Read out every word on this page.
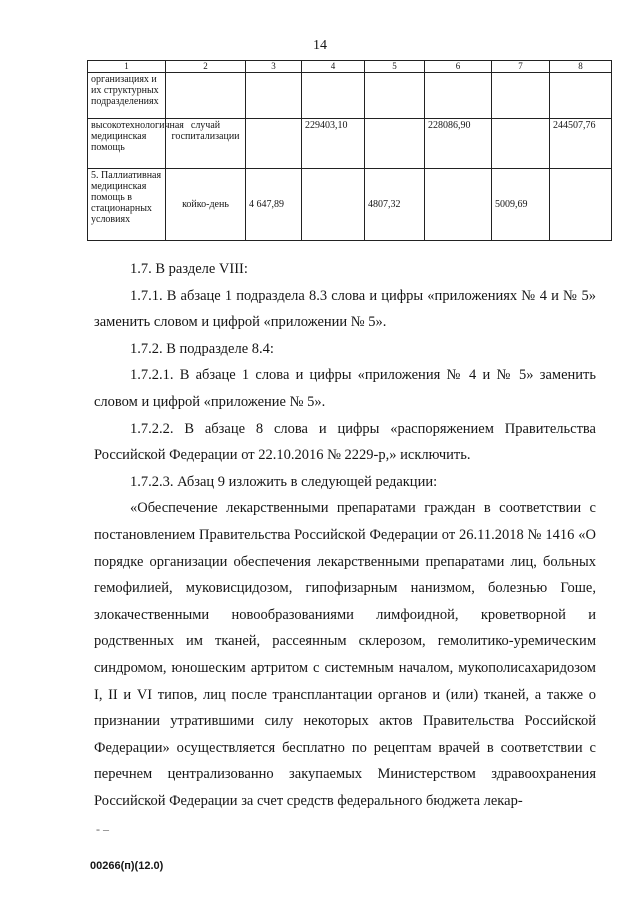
14
1	2	3	4	5	6	7	8
организациях и их структурных подразделениях							
высокотехнологичная медицинская помощь	случай госпитализации		229403,10		228086,90		244507,76
5. Паллиативная медицинская помощь в стационарных условиях	койко-день	4 647,89		4807,32		5009,69	

1.7. В разделе VIII:

1.7.1. В абзаце 1 подраздела 8.3 слова и цифры «приложениях № 4 и № 5» заменить словом и цифрой «приложении № 5».

1.7.2. В подразделе 8.4:

1.7.2.1. В абзаце 1 слова и цифры «приложения № 4 и № 5» заменить словом и цифрой «приложение № 5».

1.7.2.2. В абзаце 8 слова и цифры «распоряжением Правительства Российской Федерации от 22.10.2016 № 2229-р,» исключить.

1.7.2.3. Абзац 9 изложить в следующей редакции:

«Обеспечение лекарственными препаратами граждан в соответствии с постановлением Правительства Российской Федерации от 26.11.2018 № 1416 «О порядке организации обеспечения лекарственными препаратами лиц, больных гемофилией, муковисцидозом, гипофизарным нанизмом, болезнью Гоше, злокачественными новообразованиями лимфоидной, кроветворной и родственных им тканей, рассеянным склерозом, гемолитико-уремическим синдромом, юношеским артритом с системным началом, мукополисахаридозом I, II и VI типов, лиц после трансплантации органов и (или) тканей, а также о признании утратившими силу некоторых актов Правительства Российской Федерации» осуществляется бесплатно по рецептам врачей в соответствии с перечнем централизованно закупаемых Министерством здравоохранения Российской Федерации за счет средств федерального бюджета лекар-

- –
00266(п)(12.0)
